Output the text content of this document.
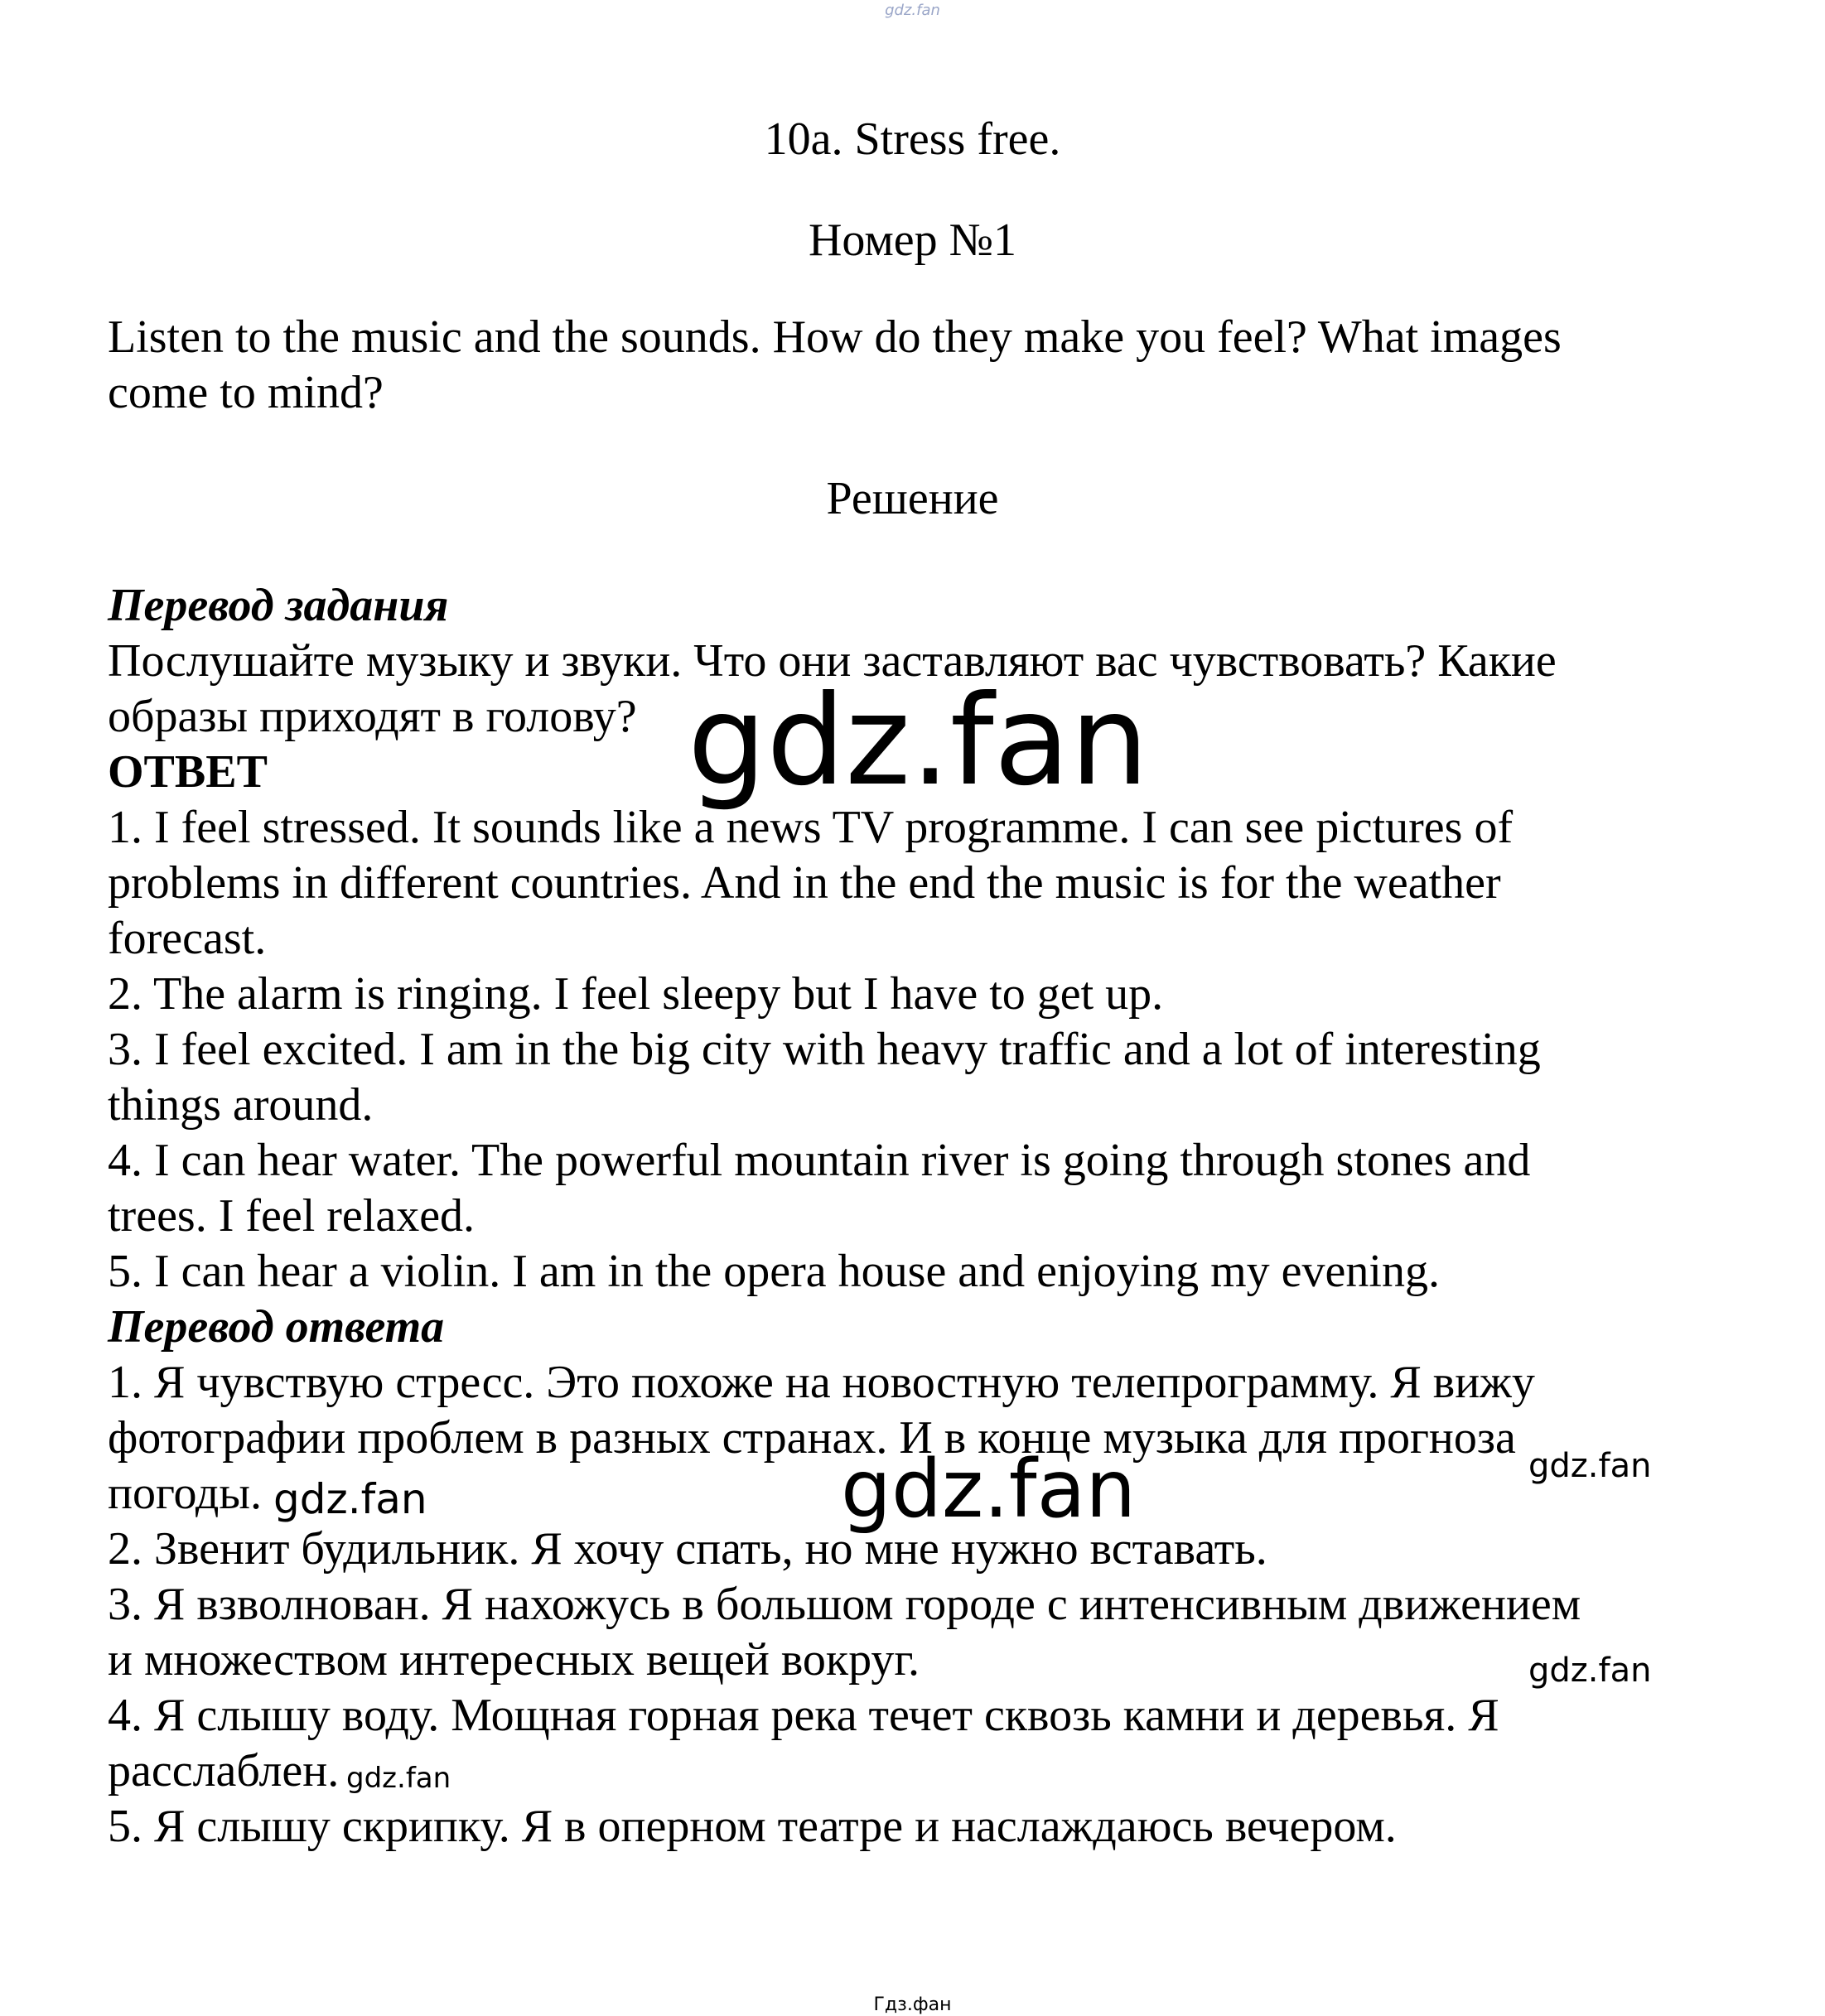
gdz.fan
10a. Stress free.
Номер №1

Listen to the music and the sounds. How do they make you feel? What images

come to mind?

Решение

Перевод задания

Послушайте музыку и звуки. Что они заставляют вас чувствовать? Какие

образы приходят в голову?

ОТВЕТ

1. I feel stressed. It sounds like a news TV programme. I can see pictures of

problems in different countries. And in the end the music is for the weather

forecast.

2. The alarm is ringing. I feel sleepy but I have to get up.

3. I feel excited. I am in the big city with heavy traffic and a lot of interesting

things around.

4. I can hear water. The powerful mountain river is going through stones and

trees. I feel relaxed.

5. I can hear a violin. I am in the opera house and enjoying my evening.

Перевод ответа

1. Я чувствую стресс. Это похоже на новостную телепрограмму. Я вижу

фотографии проблем в разных странах. И в конце музыка для прогноза

погоды.

2. Звенит будильник. Я хочу спать, но мне нужно вставать.

3. Я взволнован. Я нахожусь в большом городе с интенсивным движением

и множеством интересных вещей вокруг.

4. Я слышу воду. Мощная горная река течет сквозь камни и деревья. Я

расслаблен.

5. Я слышу скрипку. Я в оперном театре и наслаждаюсь вечером.

gdz.fan
gdz.fan
gdz.fan
gdz.fan
gdz.fan
gdz.fan
Гдз.фан
